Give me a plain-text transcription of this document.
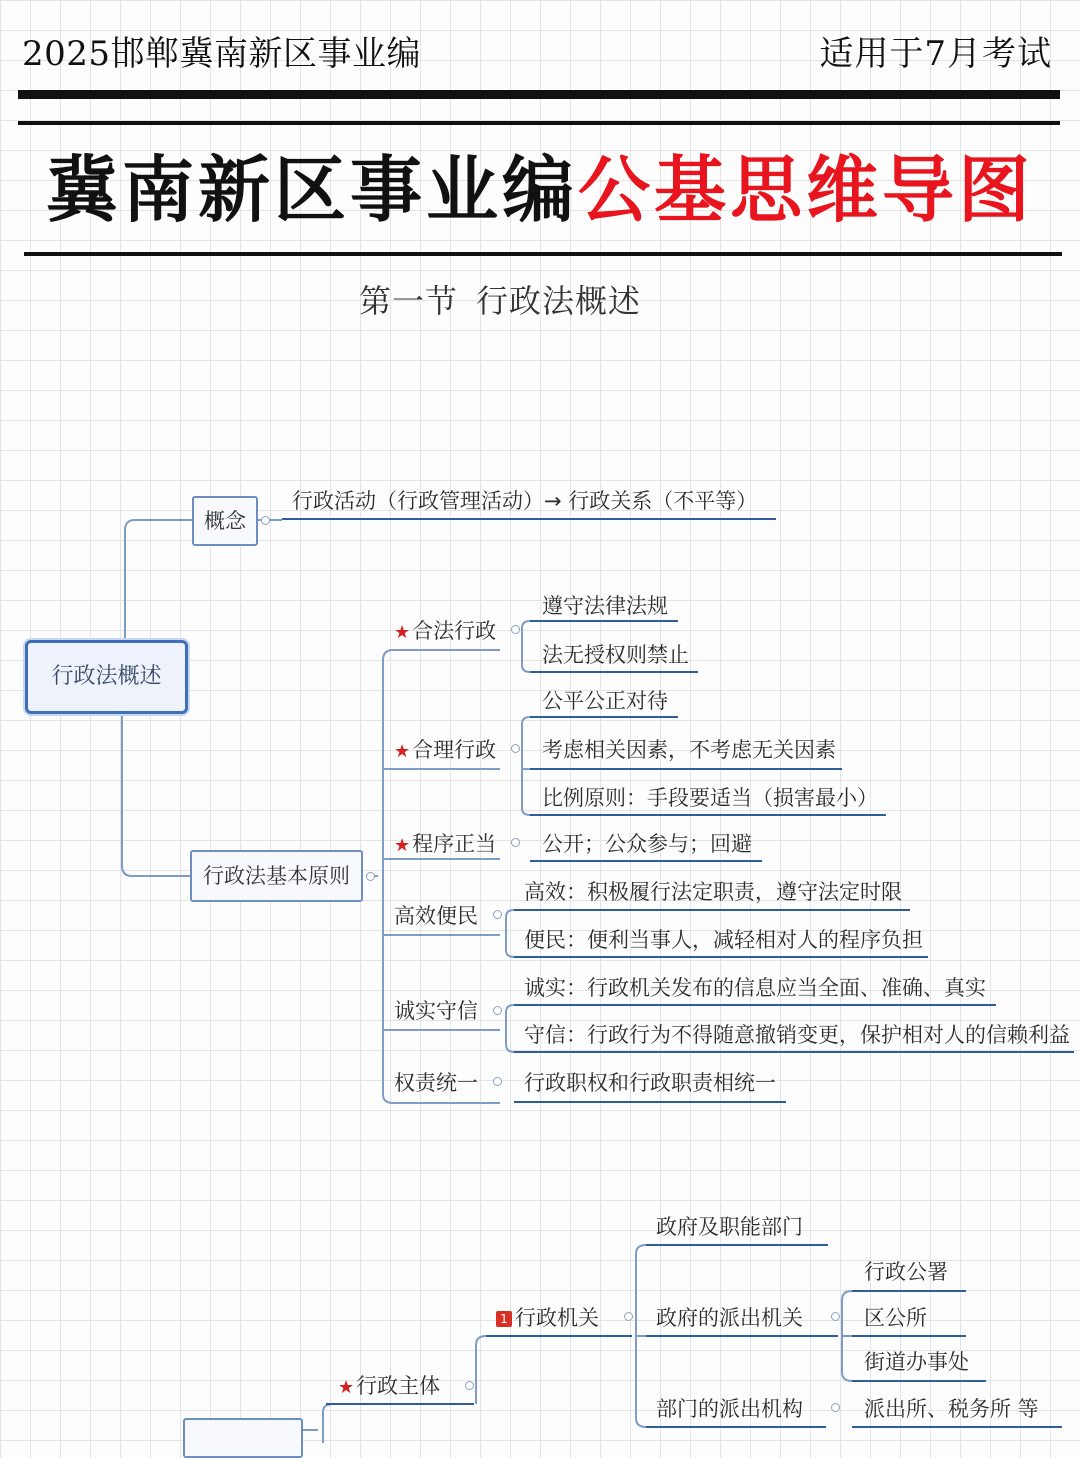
2025邯郸冀南新区事业编	适用于7月考试
冀南新区事业编公基思维导图
第一节 行政法概述
行政法概述
概念
行政活动（行政管理活动）→ 行政关系（不平等）
行政法基本原则
★合法行政
遵守法律法规
法无授权则禁止
★合理行政
公平公正对待
考虑相关因素，不考虑无关因素
比例原则：手段要适当（损害最小）
★程序正当 公开；公众参与；回避
高效便民
高效：积极履行法定职责，遵守法定时限
便民：便利当事人，减轻相对人的程序负担
诚实守信
诚实：行政机关发布的信息应当全面、准确、真实
守信：行政行为不得随意撤销变更，保护相对人的信赖利益
权责统一 行政职权和行政职责相统一
★行政主体
1 行政机关
政府及职能部门
政府的派出机关
行政公署
区公所
街道办事处
部门的派出机构	派出所、税务所 等
